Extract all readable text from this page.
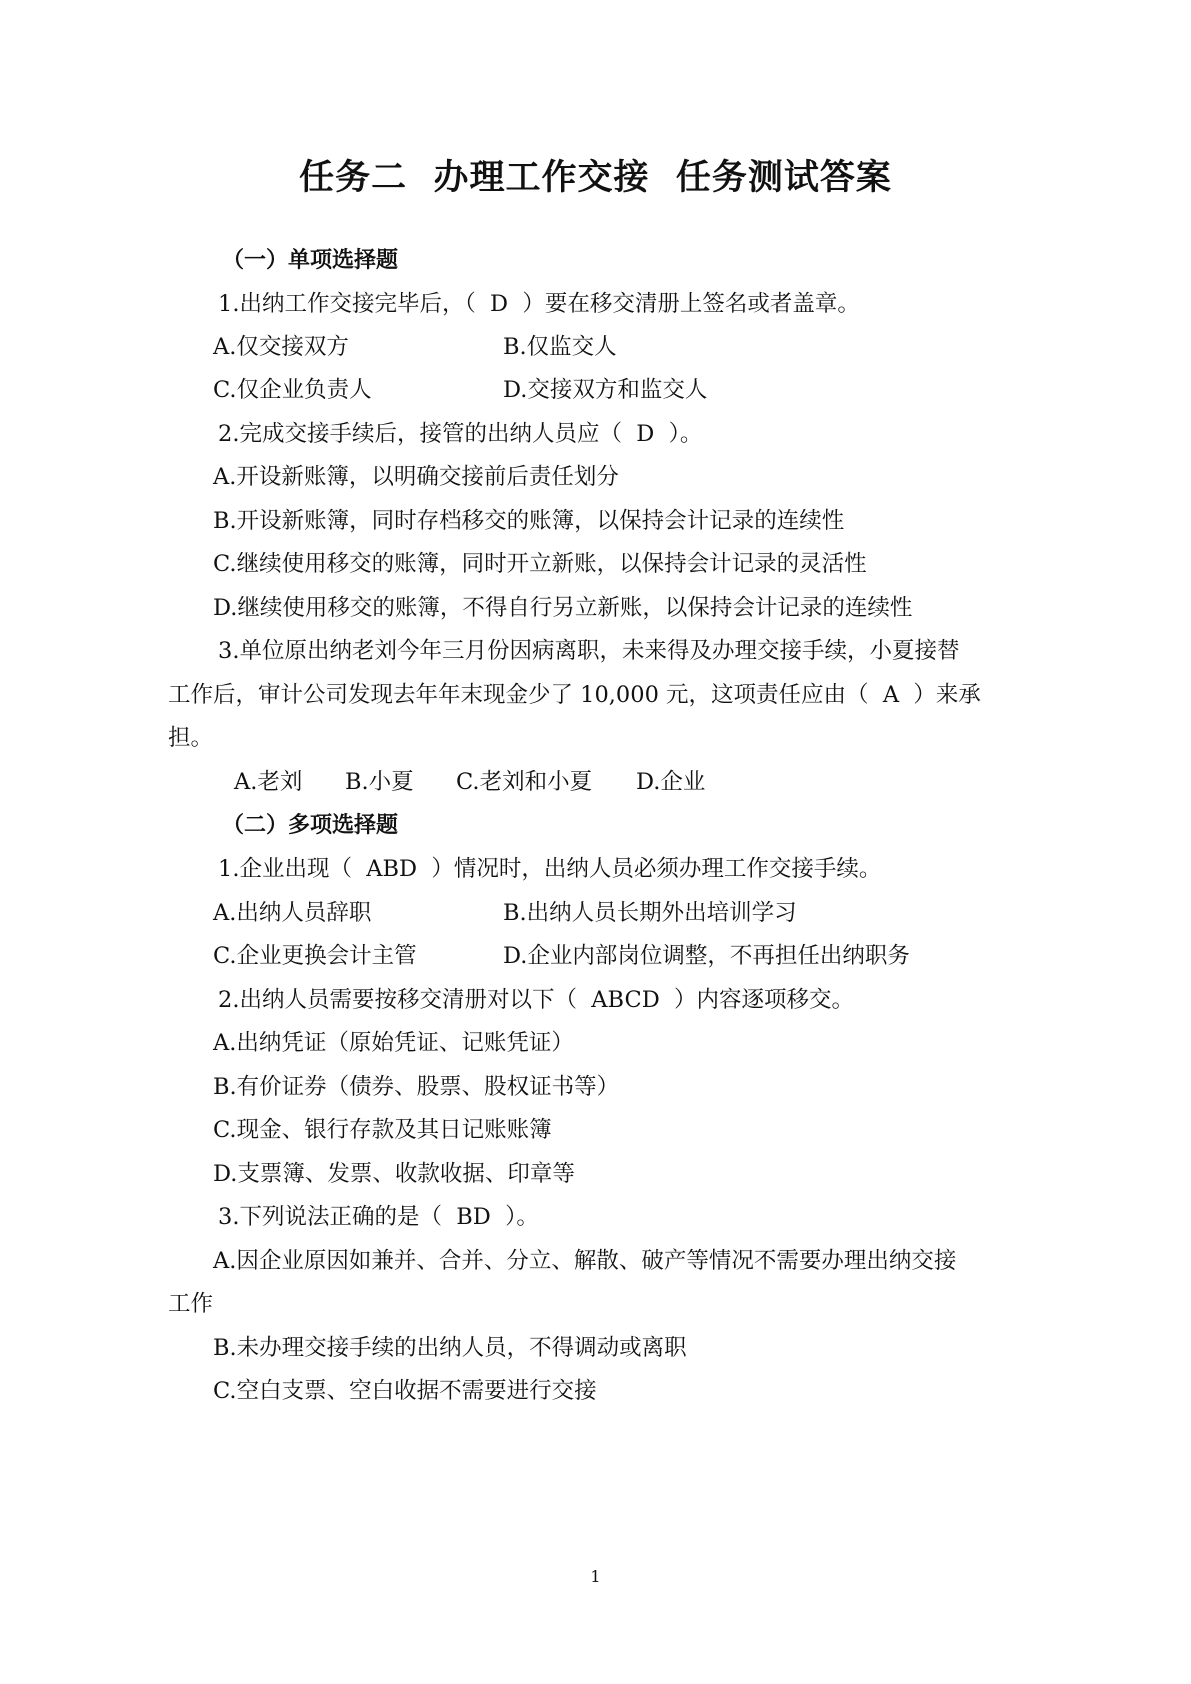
任务二  办理工作交接  任务测试答案
（一）单项选择题
1.出纳工作交接完毕后，（  D  ）要在移交清册上签名或者盖章。
A.仅交接双方	B.仅监交人
C.仅企业负责人	D.交接双方和监交人
2.完成交接手续后，接管的出纳人员应（  D  ）。
A.开设新账簿，以明确交接前后责任划分
B.开设新账簿，同时存档移交的账簿，以保持会计记录的连续性
C.继续使用移交的账簿，同时开立新账，以保持会计记录的灵活性
D.继续使用移交的账簿，不得自行另立新账，以保持会计记录的连续性
3.单位原出纳老刘今年三月份因病离职，未来得及办理交接手续，小夏接替
工作后，审计公司发现去年年末现金少了 10,000 元，这项责任应由（  A  ）来承
担。
A.老刘 B.小夏 C.老刘和小夏 D.企业
（二）多项选择题
1.企业出现（  ABD  ）情况时，出纳人员必须办理工作交接手续。
A.出纳人员辞职	B.出纳人员长期外出培训学习
C.企业更换会计主管	D.企业内部岗位调整，不再担任出纳职务
2.出纳人员需要按移交清册对以下（  ABCD  ）内容逐项移交。
A.出纳凭证（原始凭证、记账凭证）
B.有价证券（债券、股票、股权证书等）
C.现金、银行存款及其日记账账簿
D.支票簿、发票、收款收据、印章等
3.下列说法正确的是（  BD  ）。
A.因企业原因如兼并、合并、分立、解散、破产等情况不需要办理出纳交接
工作
B.未办理交接手续的出纳人员，不得调动或离职
C.空白支票、空白收据不需要进行交接
1
